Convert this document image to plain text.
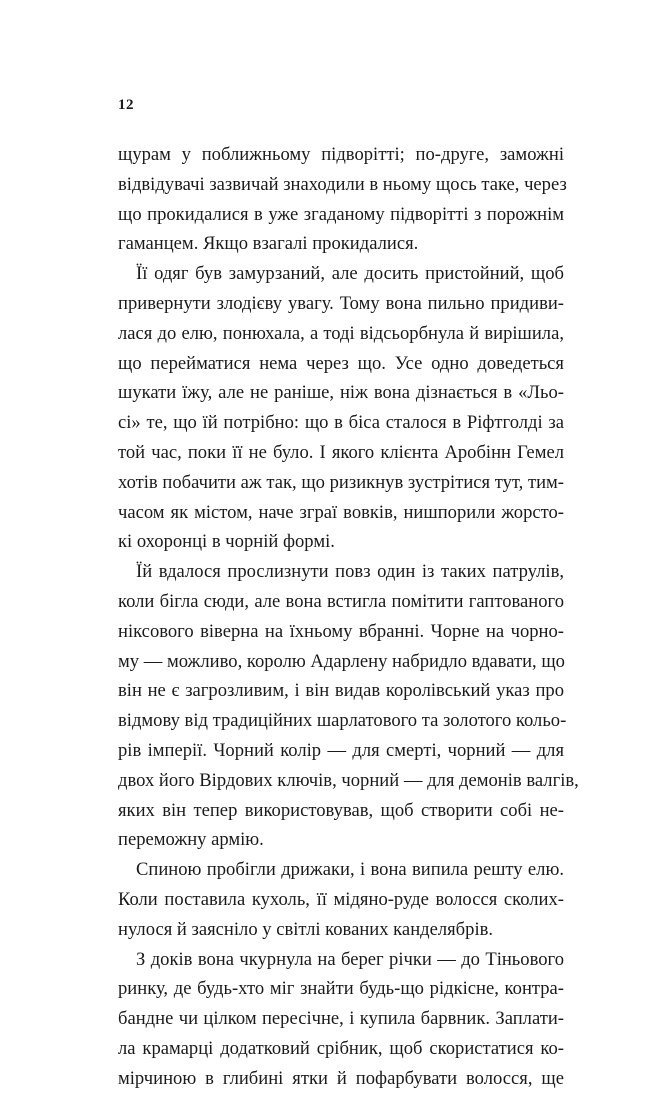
12
щурам у поближньому підворітті; по-друге, заможні
відвідувачі зазвичай знаходили в ньому щось таке, через
що прокидалися в уже згаданому підворітті з порожнім
гаманцем. Якщо взагалі прокидалися.
Її одяг був замурзаний, але досить пристойний, щоб
привернути злодієву увагу. Тому вона пильно придиви-
лася до елю, понюхала, а тоді відсьорбнула й вирішила,
що перейматися нема через що. Усе одно доведеться
шукати їжу, але не раніше, ніж вона дізнається в «Льо-
сі» те, що їй потрібно: що в біса сталося в Ріфтголді за
той час, поки її не було. І якого клієнта Аробінн Гемел
хотів побачити аж так, що ризикнув зустрітися тут, тим-
часом як містом, наче зграї вовків, нишпорили жорсто-
кі охоронці в чорній формі.
Їй вдалося прослизнути повз один із таких патрулів,
коли бігла сюди, але вона встигла помітити гаптованого
ніксового віверна на їхньому вбранні. Чорне на чорно-
му — можливо, королю Адарлену набридло вдавати, що
він не є загрозливим, і він видав королівський указ про
відмову від традиційних шарлатового та золотого кольо-
рів імперії. Чорний колір — для смерті, чорний — для
двох його Вірдових ключів, чорний — для демонів валгів,
яких він тепер використовував, щоб створити собі не-
переможну армію.
Спиною пробігли дрижаки, і вона випила решту елю.
Коли поставила кухоль, її мідяно-руде волосся сколих-
нулося й заяснiло у світлі кованих канделябрів.
З доків вона чкурнула на берег річки — до Тіньового
ринку, де будь-хто міг знайти будь-що рідкісне, контра-
бандне чи цілком пересічне, і купила барвник. Заплати-
ла крамарці додатковий срібник, щоб скористатися ко-
мірчиною в глибині ятки й пофарбувати волосся, ще
